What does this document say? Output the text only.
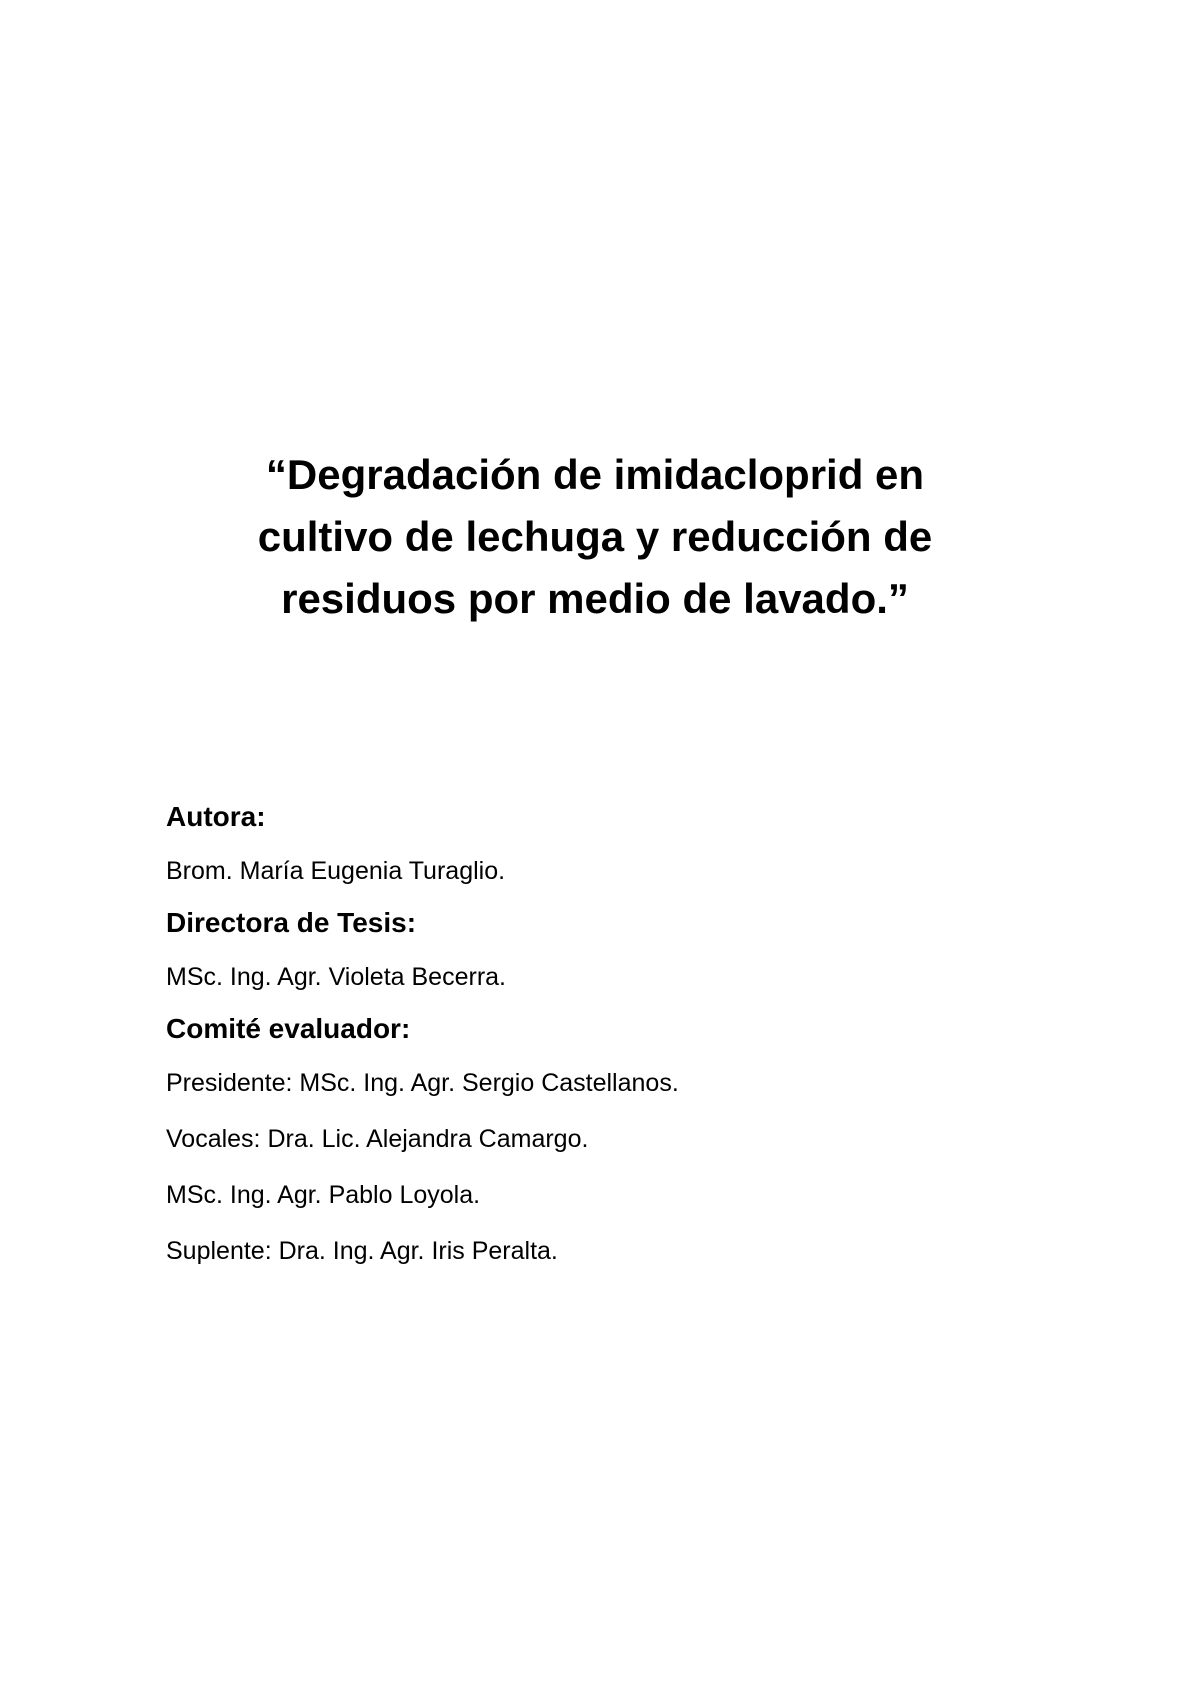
“Degradación de imidacloprid en
cultivo de lechuga y reducción de
residuos por medio de lavado.”

Autora:

Brom. María Eugenia Turaglio.

Directora de Tesis:

MSc. Ing. Agr. Violeta Becerra.

Comité evaluador:

Presidente: MSc. Ing. Agr. Sergio Castellanos.

Vocales: Dra. Lic. Alejandra Camargo.

MSc. Ing. Agr. Pablo Loyola.

Suplente: Dra. Ing. Agr. Iris Peralta.
